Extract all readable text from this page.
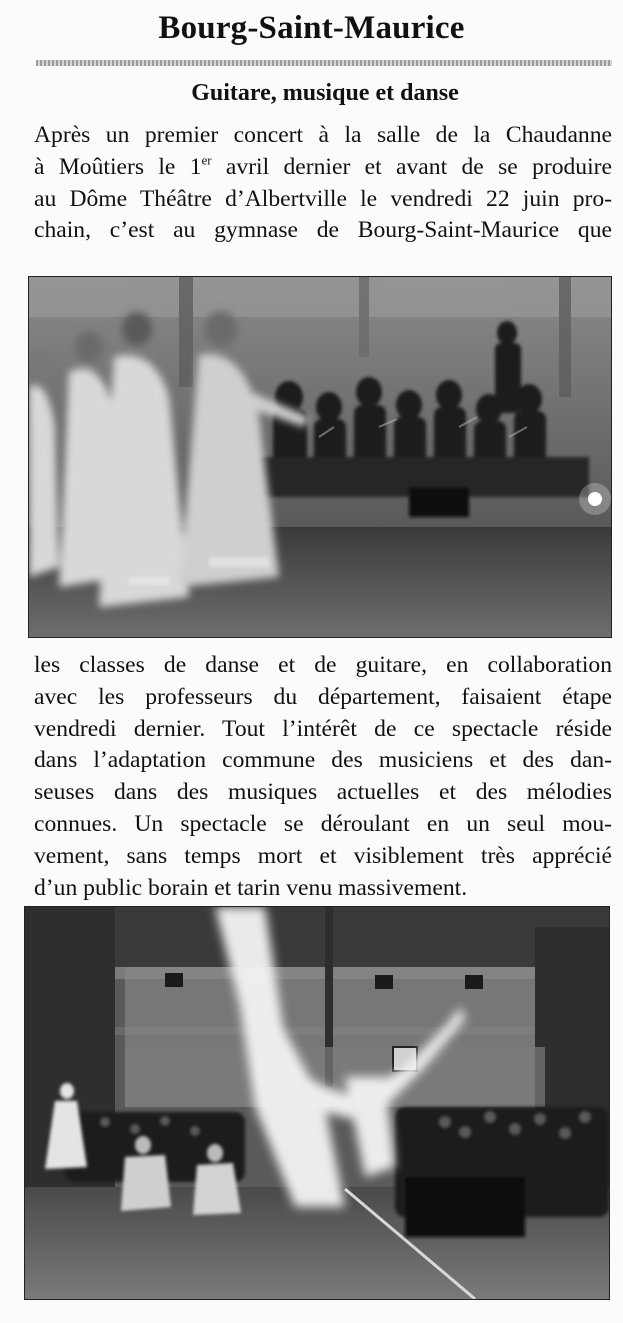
Bourg-Saint-Maurice
Guitare, musique et danse
Après un premier concert à la salle de la Chaudanne
à Moûtiers le 1er avril dernier et avant de se produire
au Dôme Théâtre d’Albertville le vendredi 22 juin pro-
chain, c’est au gymnase de Bourg-Saint-Maurice que
les classes de danse et de guitare, en collaboration
avec les professeurs du département, faisaient étape
vendredi dernier. Tout l’intérêt de ce spectacle réside
dans l’adaptation commune des musiciens et des dan-
seuses dans des musiques actuelles et des mélodies
connues. Un spectacle se déroulant en un seul mou-
vement, sans temps mort et visiblement très apprécié
d’un public borain et tarin venu massivement.
